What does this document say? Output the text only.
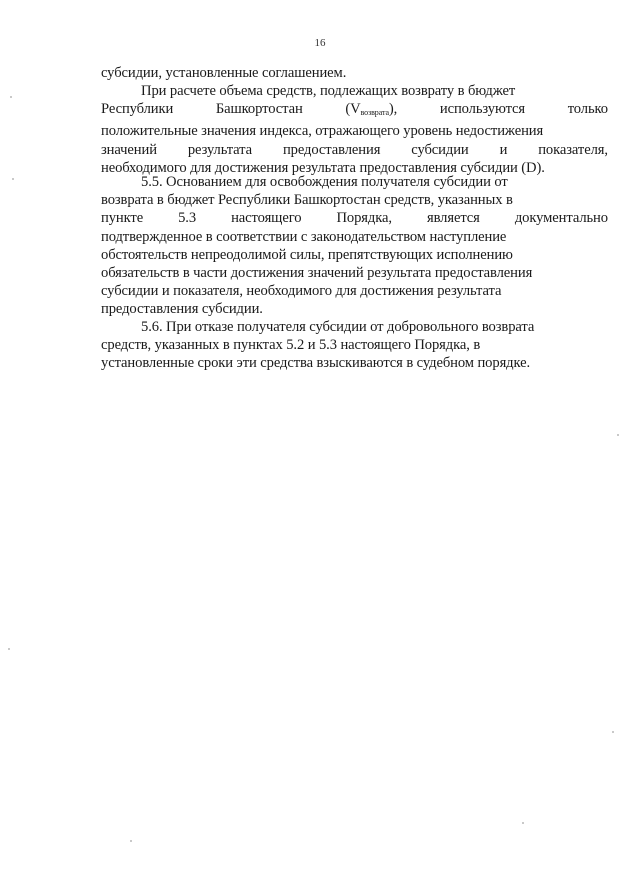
16
субсидии, установленные соглашением.
При расчете объема средств, подлежащих возврату в бюджет
Республики	Башкортостан	$(V_{возврата})$,	используются	только
положительные значения индекса, отражающего уровень недостижения
значений результата предоставления субсидии и показателя,
необходимого для достижения результата предоставления субсидии (D).
5.5. Основанием для освобождения получателя субсидии от
возврата в бюджет Республики Башкортостан средств, указанных в
пункте 5.3 настоящего Порядка, является документально
подтвержденное в соответствии с законодательством наступление
обстоятельств непреодолимой силы, препятствующих исполнению
обязательств в части достижения значений результата предоставления
субсидии и показателя, необходимого для достижения результата
предоставления субсидии.
5.6. При отказе получателя субсидии от добровольного возврата
средств, указанных в пунктах 5.2 и 5.3 настоящего Порядка, в
установленные сроки эти средства взыскиваются в судебном порядке.
